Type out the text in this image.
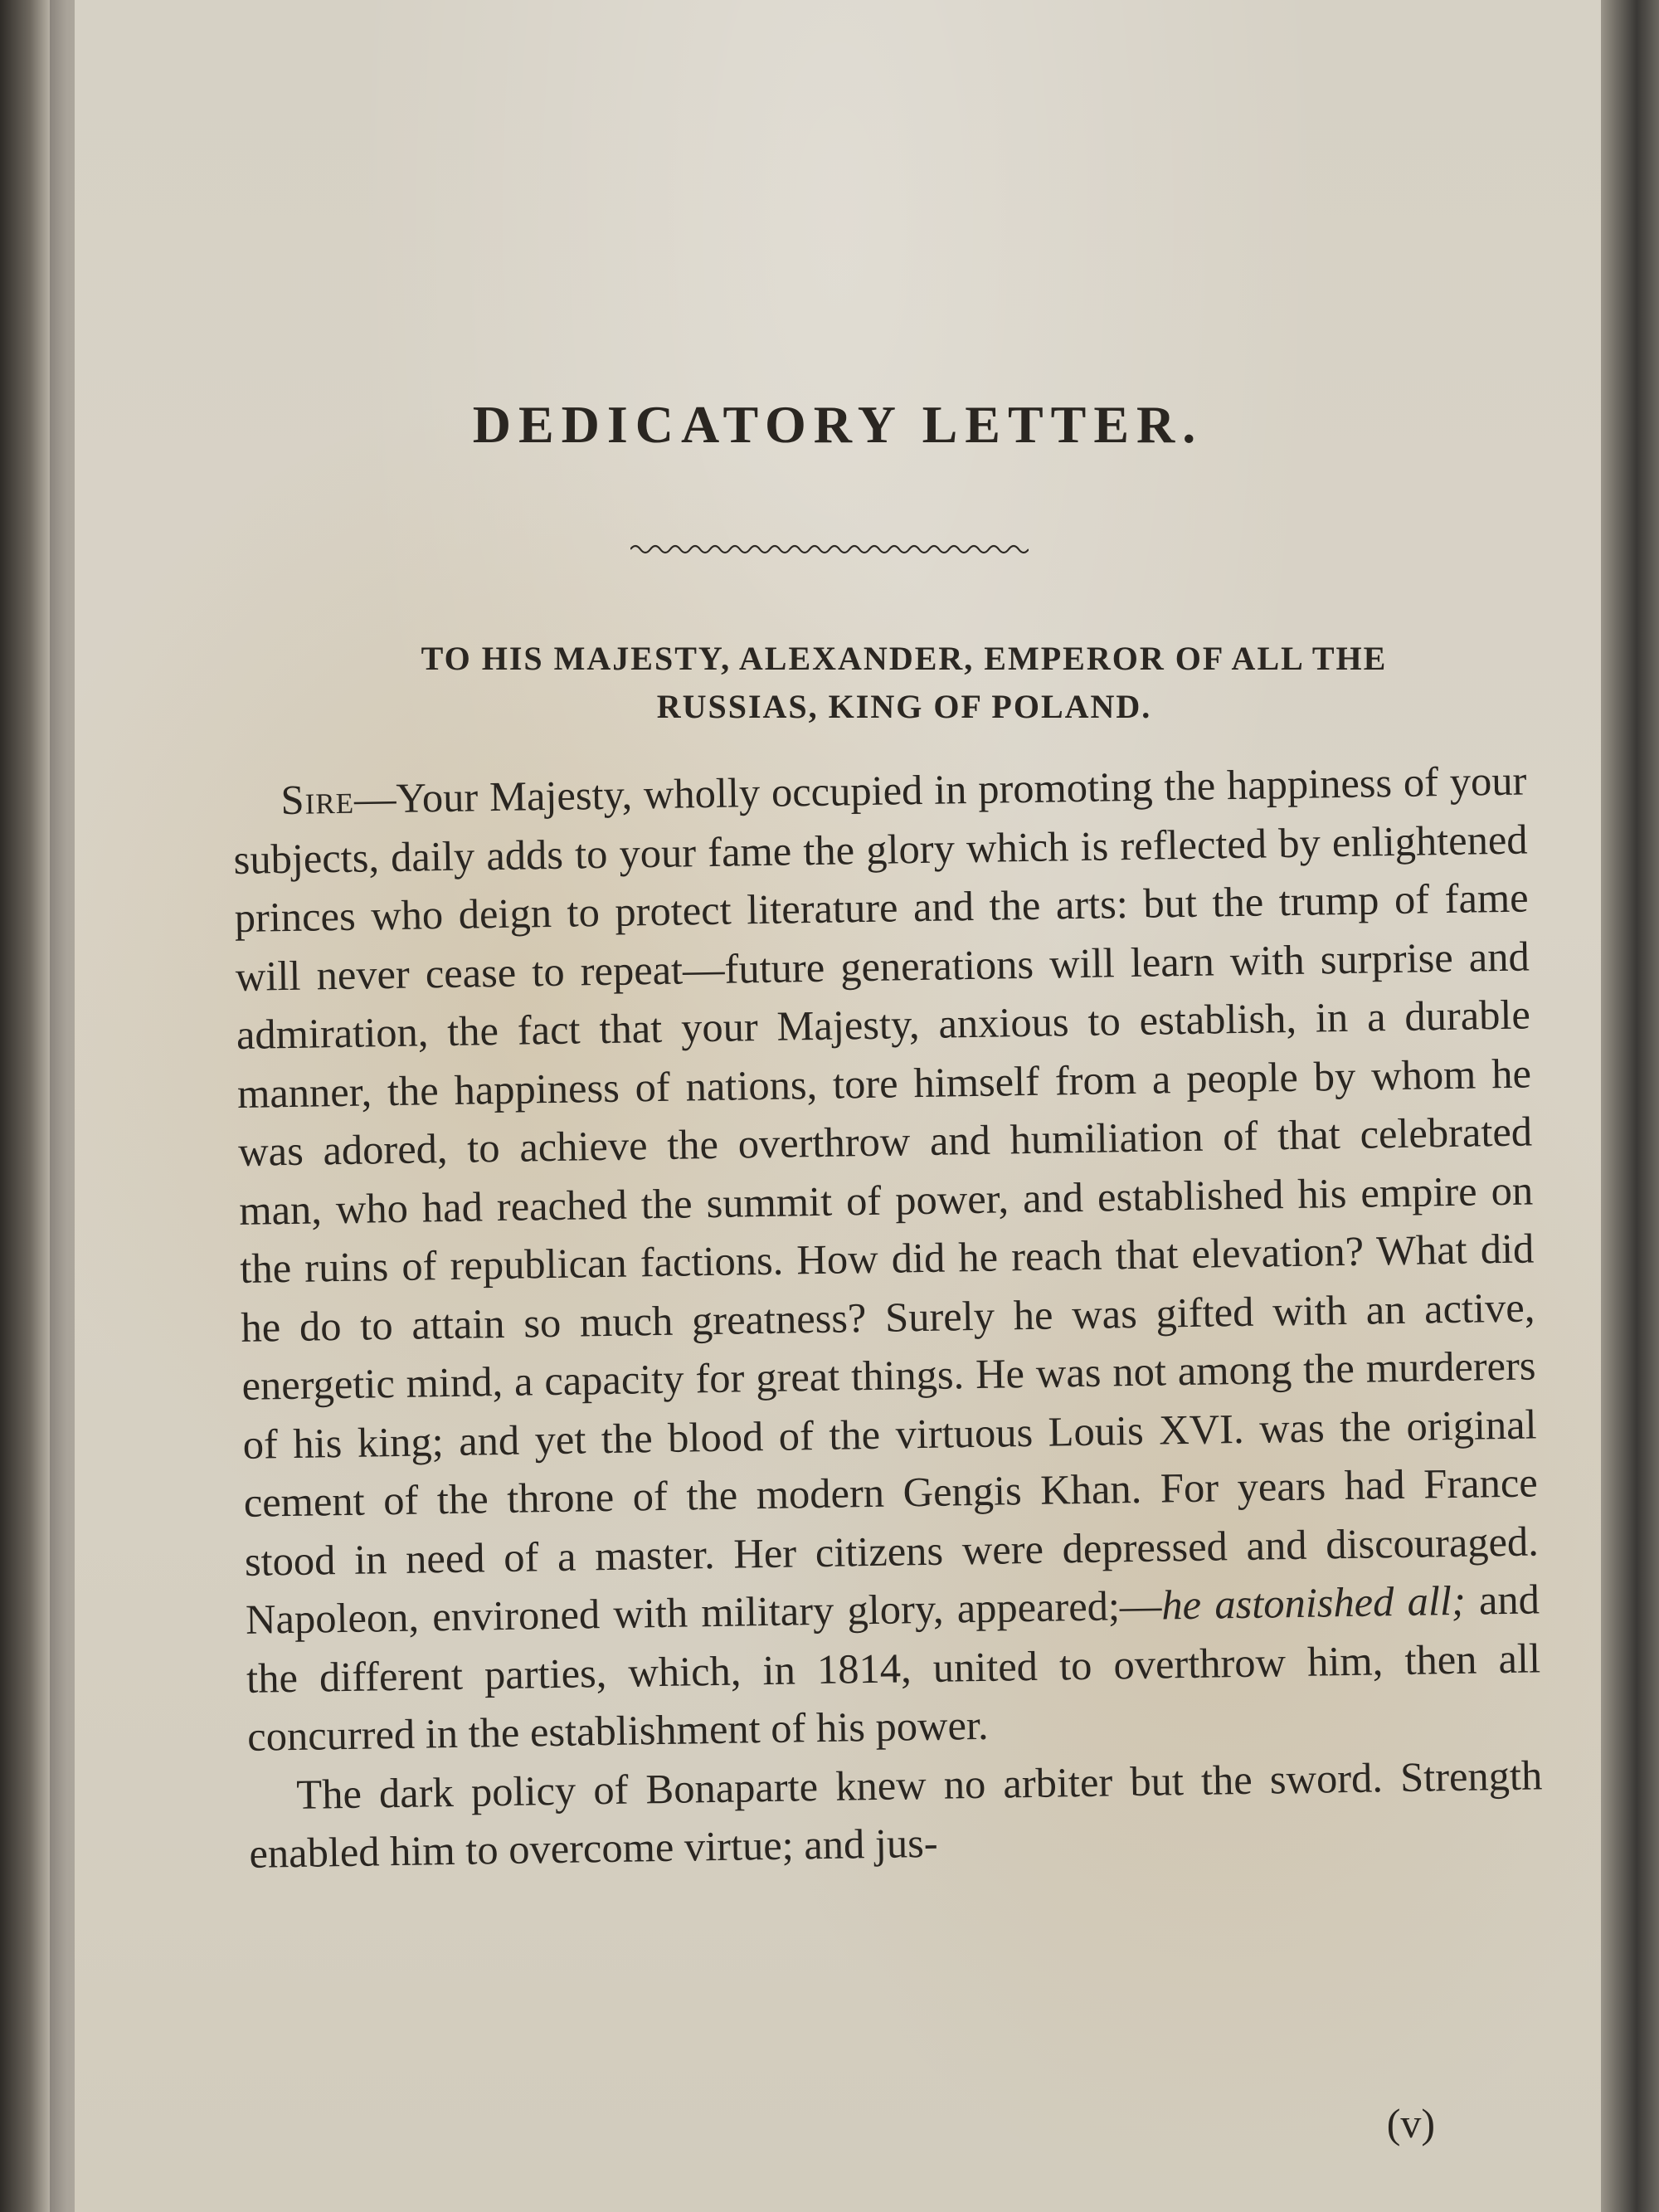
DEDICATORY LETTER.
TO HIS MAJESTY, ALEXANDER, EMPEROR OF ALL THE
RUSSIAS, KING OF POLAND.

Sire—Your Majesty, wholly occupied in promoting the happiness of your subjects, daily adds to your fame the glory which is reflected by enlightened princes who deign to protect literature and the arts: but the trump of fame will never cease to repeat—future generations will learn with surprise and admiration, the fact that your Majesty, anxious to establish, in a durable manner, the happiness of nations, tore himself from a people by whom he was adored, to achieve the overthrow and humiliation of that celebrated man, who had reached the summit of power, and established his empire on the ruins of republican factions. How did he reach that elevation? What did he do to attain so much greatness? Surely he was gifted with an active, energetic mind, a capacity for great things. He was not among the murderers of his king; and yet the blood of the virtuous Louis XVI. was the original cement of the throne of the modern Gengis Khan. For years had France stood in need of a master. Her citizens were depressed and discouraged. Napoleon, environed with military glory, appeared;—he astonished all; and the different parties, which, in 1814, united to overthrow him, then all concurred in the establishment of his power.

The dark policy of Bonaparte knew no arbiter but the sword. Strength enabled him to overcome virtue; and jus-

(v)
